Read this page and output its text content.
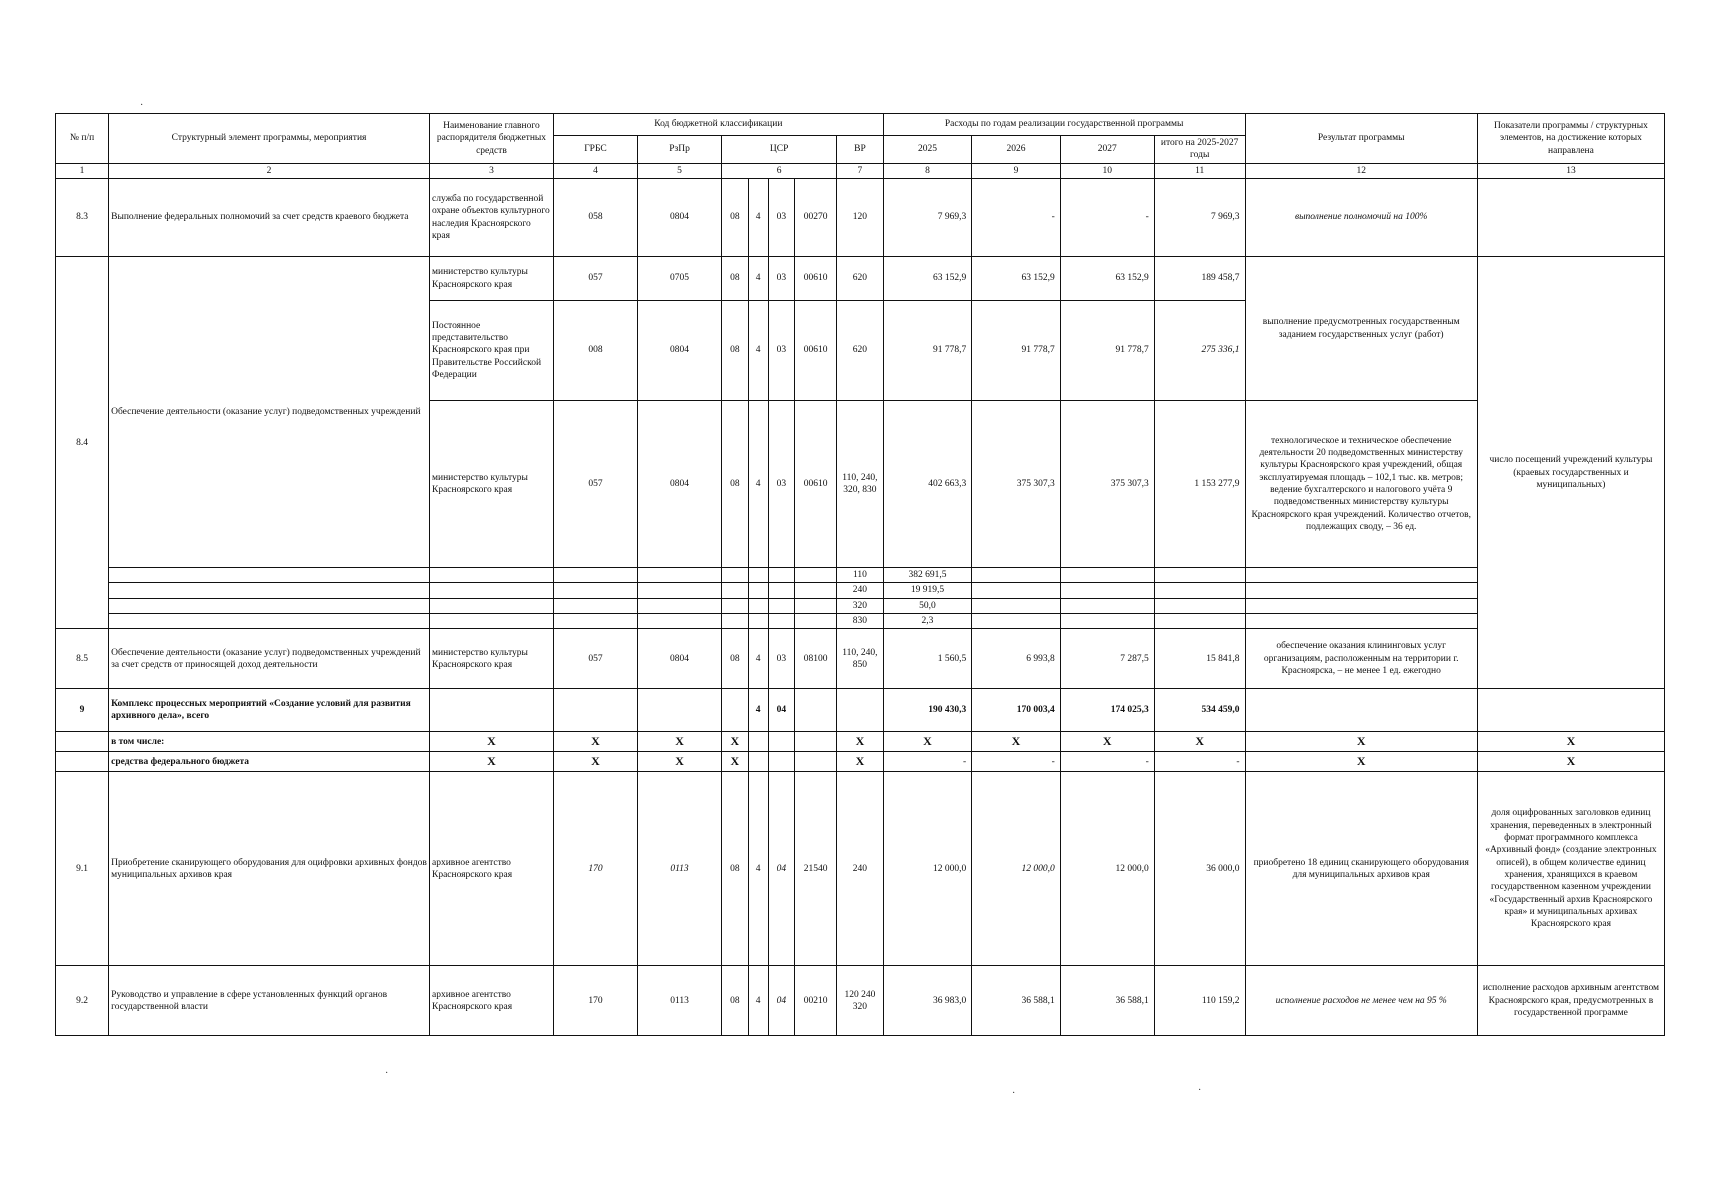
№ п/п	Структурный элемент программы, мероприятия	Наименование главного распорядителя бюджетных средств	Код бюджетной классификации							Расходы по годам реализации государственной программы				Результат программы	Показатели программы / структурных элементов, на достижение которых направлена
			ГРБС	РзПр	ЦСР				ВР	2025	2026	2027	итого на 2025-2027 годы		
1	2	3	4	5	6				7	8	9	10	11	12	13
8.3	Выполнение федеральных полномочий за счет средств краевого бюджета	служба по государственной охране объектов культурного наследия Красноярского края	058	0804	08	4	03	00270	120	7 969,3	-	-	7 969,3	выполнение полномочий на 100%	
8.4	Обеспечение деятельности (оказание услуг) подведомственных учреждений	министерство культуры Красноярского края	057	0705	08	4	03	00610	620	63 152,9	63 152,9	63 152,9	189 458,7	выполнение предусмотренных государственным заданием государственных услуг (работ)	число посещений учреждений культуры (краевых государственных и муниципальных)
		Постоянное представительство Красноярского края при Правительстве Российской Федерации	008	0804	08	4	03	00610	620	91 778,7	91 778,7	91 778,7	275 336,1		
		министерство культуры Красноярского края	057	0804	08	4	03	00610	110, 240, 320, 830	402 663,3	375 307,3	375 307,3	1 153 277,9	технологическое и техническое обеспечение деятельности 20 подведомственных министерству культуры Красноярского края учреждений, общая эксплуатируемая площадь – 102,1 тыс. кв. метров; ведение бухгалтерского и налогового учёта 9 подведомственных министерству культуры Красноярского края учреждений. Количество отчетов, подлежащих своду, – 36 ед.	
									110	382 691,5					
									240	19 919,5					
									320	50,0					
									830	2,3					
8.5	Обеспечение деятельности (оказание услуг) подведомственных учреждений за счет средств от приносящей доход деятельности	министерство культуры Красноярского края	057	0804	08	4	03	08100	110, 240, 850	1 560,5	6 993,8	7 287,5	15 841,8	обеспечение оказания клининговых услуг организациям, расположенным на территории г. Красноярска, – не менее 1 ед. ежегодно	
9	Комплекс процессных мероприятий «Создание условий для развития архивного дела», всего					4	04			190 430,3	170 003,4	174 025,3	534 459,0		
	в том числе:	X	X	X	X				X	X	X	X	X	X	X
	средства федерального бюджета	X	X	X	X				X	-	-	-	-	X	X
9.1	Приобретение сканирующего оборудования для оцифровки архивных фондов муниципальных архивов края	архивное агентство Красноярского края	170	0113	08	4	04	21540	240	12 000,0	12 000,0	12 000,0	36 000,0	приобретено 18 единиц сканирующего оборудования для муниципальных архивов края	доля оцифрованных заголовков единиц хранения, переведенных в электронный формат программного комплекса «Архивный фонд» (создание электронных описей), в общем количестве единиц хранения, хранящихся в краевом государственном казенном учреждении «Государственный архив Красноярского края» и муниципальных архивах Красноярского края
9.2	Руководство и управление в сфере установленных функций органов государственной власти	архивное агентство Красноярского края	170	0113	08	4	04	00210	120 240 320	36 983,0	36 588,1	36 588,1	110 159,2	исполнение расходов не менее чем на 95 %	исполнение расходов архивным агентством Красноярского края, предусмотренных в государственной программе
·
·
·	·
